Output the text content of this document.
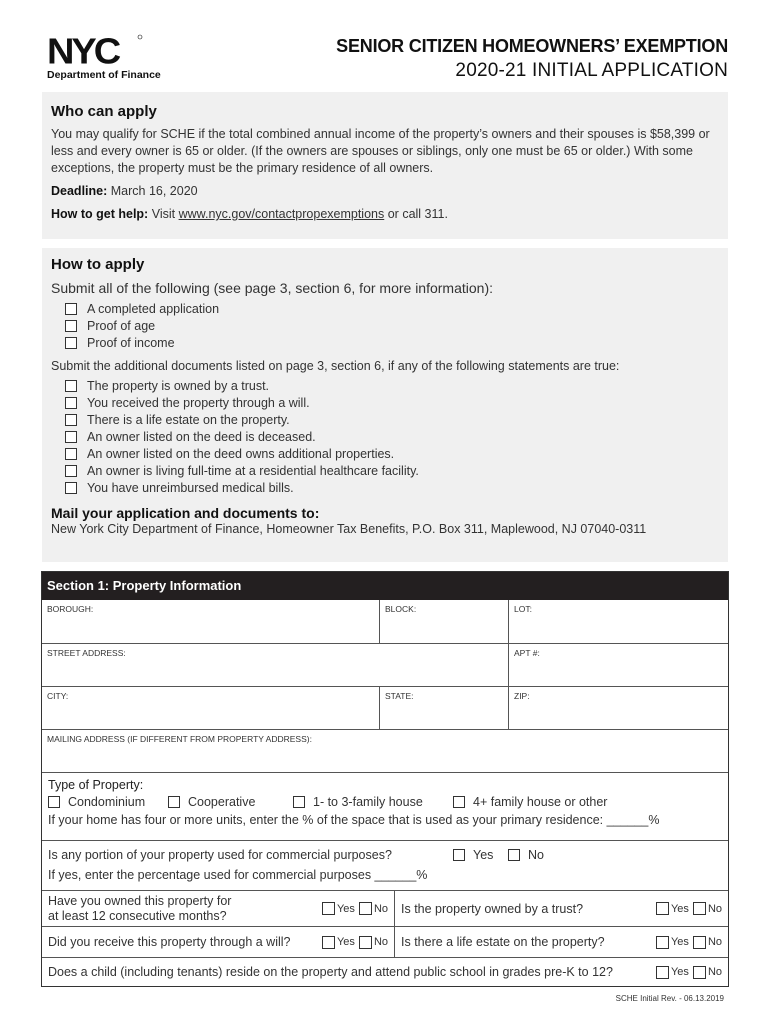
NYC
Department of Finance
SENIOR CITIZEN HOMEOWNERS’ EXEMPTION
2020-21 INITIAL APPLICATION
Who can apply
You may qualify for SCHE if the total combined annual income of the property’s owners and their spouses is $58,399 or less and every owner is 65 or older. (If the owners are spouses or siblings, only one must be 65 or older.) With some exceptions, the property must be the primary residence of all owners.
Deadline: March 16, 2020
How to get help: Visit www.nyc.gov/contactpropexemptions or call 311.
How to apply
Submit all of the following (see page 3, section 6, for more information):
A completed application
Proof of age
Proof of income
Submit the additional documents listed on page 3, section 6, if any of the following statements are true:
The property is owned by a trust.
You received the property through a will.
There is a life estate on the property.
An owner listed on the deed is deceased.
An owner listed on the deed owns additional properties.
An owner is living full-time at a residential healthcare facility.
You have unreimbursed medical bills.
Mail your application and documents to:
New York City Department of Finance, Homeowner Tax Benefits, P.O. Box 311, Maplewood, NJ 07040-0311
Section 1: Property Information
BOROUGH:	BLOCK:	LOT:
STREET ADDRESS:	APT #:
CITY:	STATE:	ZIP:
MAILING ADDRESS (IF DIFFERENT FROM PROPERTY ADDRESS):
Type of Property:
Condominium	Cooperative	1- to 3-family house	4+ family house or other
If your home has four or more units, enter the % of the space that is used as your primary residence: ______%
Is any portion of your property used for commercial purposes?	Yes	No
If yes, enter the percentage used for commercial purposes ______%
Have you owned this property for
at least 12 consecutive months?	Yes No Is the property owned by a trust?	Yes No
Did you receive this property through a will?	Yes No Is there a life estate on the property?	Yes No
Does a child (including tenants) reside on the property and attend public school in grades pre-K to 12?	Yes No
SCHE Initial Rev. - 06.13.2019
